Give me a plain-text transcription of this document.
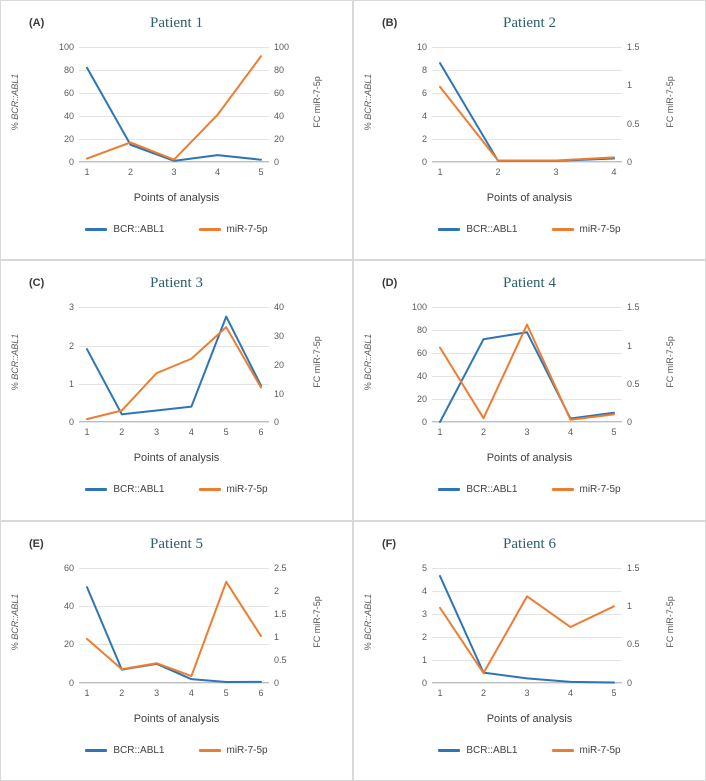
(A)	Patient 1
0
20
40
60
80
100
0
20
40
60
80
100
1	2	3	4	5
% BCR::ABL1	FC miR-7-5p
Points of analysis
BCR::ABL1	miR-7-5p
(B)	Patient 2
0
2
4
6
8
10
0
0.5
1
1.5
1	2	3	4
% BCR::ABL1	FC miR-7-5p
Points of analysis
BCR::ABL1	miR-7-5p
(C)	Patient 3
0
1
2
3
0
10
20
30
40
1	2	3	4	5	6
% BCR::ABL1	FC miR-7-5p
Points of analysis
BCR::ABL1	miR-7-5p
(D)	Patient 4
0
20
40
60
80
100
0
0.5
1
1.5
1	2	3	4	5
% BCR::ABL1	FC miR-7-5p
Points of analysis
BCR::ABL1	miR-7-5p
(E)	Patient 5
0
20
40
60
0
0.5
1
1.5
2
2.5
1	2	3	4	5	6
% BCR::ABL1	FC miR-7-5p
Points of analysis
BCR::ABL1	miR-7-5p
(F)	Patient 6
0
1
2
3
4
5
0
0.5
1
1.5
1	2	3	4	5
% BCR::ABL1	FC miR-7-5p
Points of analysis
BCR::ABL1	miR-7-5p
